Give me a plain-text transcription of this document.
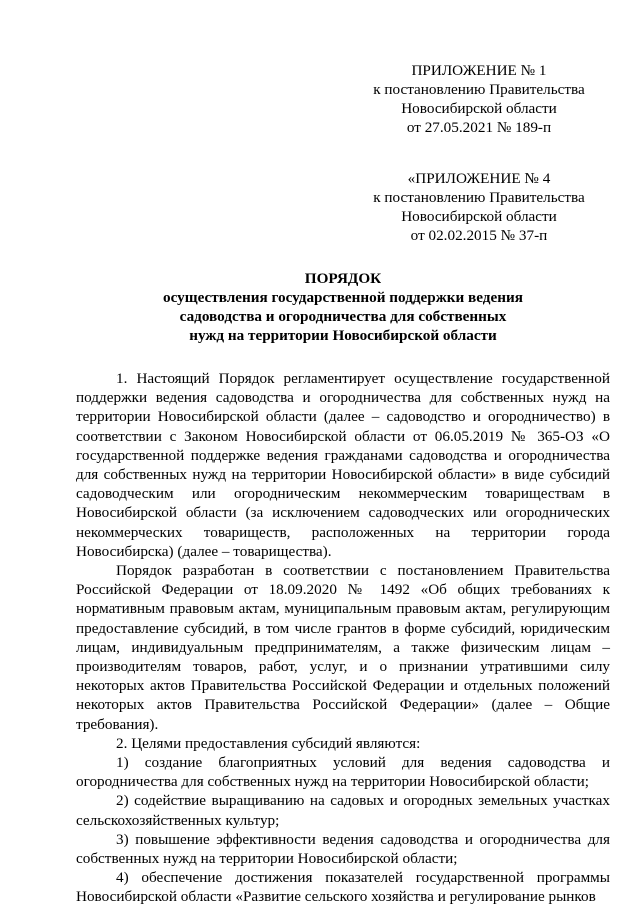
ПРИЛОЖЕНИЕ № 1
к постановлению Правительства
Новосибирской области
от 27.05.2021 № 189-п
«ПРИЛОЖЕНИЕ № 4
к постановлению Правительства
Новосибирской области
от 02.02.2015 № 37-п
ПОРЯДОК
осуществления государственной поддержки ведения
садоводства и огородничества для собственных
нужд на территории Новосибирской области

1. Настоящий Порядок регламентирует осуществление государственной поддержки ведения садоводства и огородничества для собственных нужд на территории Новосибирской области (далее – садоводство и огородничество) в соответствии с Законом Новосибирской области от 06.05.2019 № 365-ОЗ «О государственной поддержке ведения гражданами садоводства и огородничества для собственных нужд на территории Новосибирской области» в виде субсидий садоводческим или огородническим некоммерческим товариществам в Новосибирской области (за исключением садоводческих или огороднических некоммерческих товариществ, расположенных на территории города Новосибирска) (далее – товарищества).

Порядок разработан в соответствии с постановлением Правительства Российской Федерации от 18.09.2020 № 1492 «Об общих требованиях к нормативным правовым актам, муниципальным правовым актам, регулирующим предоставление субсидий, в том числе грантов в форме субсидий, юридическим лицам, индивидуальным предпринимателям, а также физическим лицам – производителям товаров, работ, услуг, и о признании утратившими силу некоторых актов Правительства Российской Федерации и отдельных положений некоторых актов Правительства Российской Федерации» (далее – Общие требования).

2. Целями предоставления субсидий являются:

1) создание благоприятных условий для ведения садоводства и огородничества для собственных нужд на территории Новосибирской области;

2) содействие выращиванию на садовых и огородных земельных участках сельскохозяйственных культур;

3) повышение эффективности ведения садоводства и огородничества для собственных нужд на территории Новосибирской области;

4) обеспечение достижения показателей государственной программы Новосибирской области «Развитие сельского хозяйства и регулирование рынков
